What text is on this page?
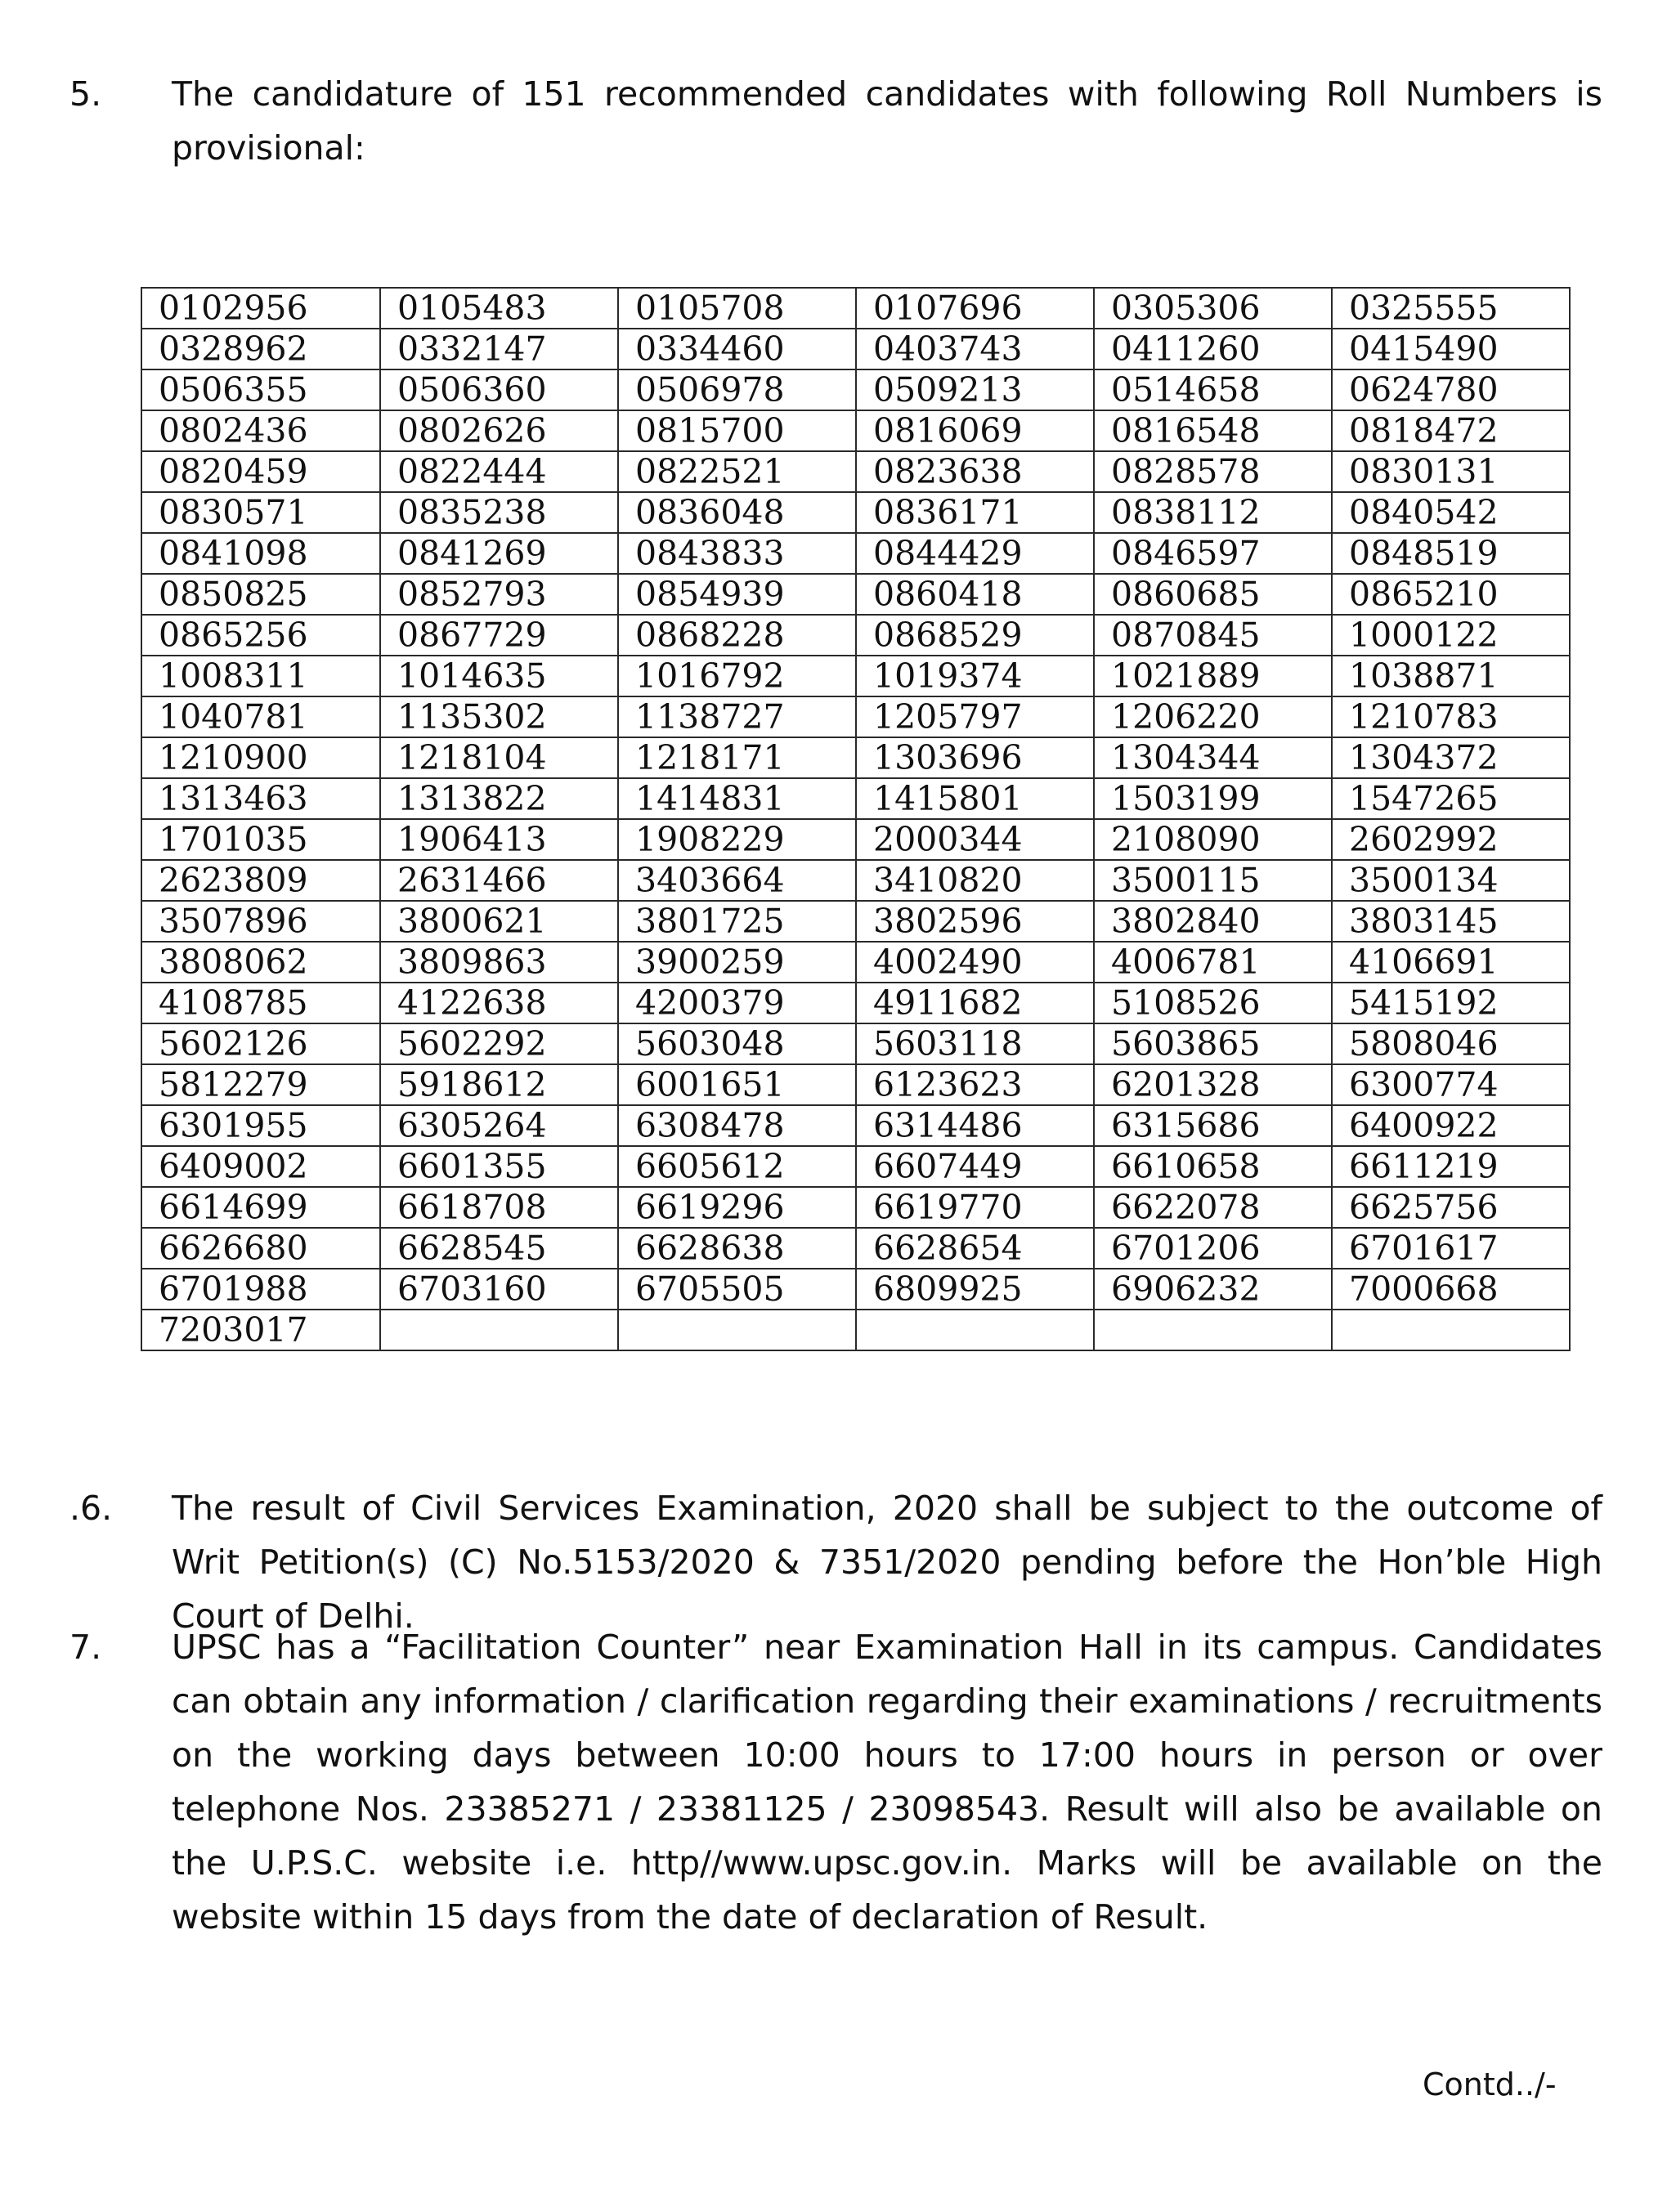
5. The candidature of 151 recommended candidates with following Roll Numbers is provisional:

0102956	0105483	0105708	0107696	0305306	0325555
0328962	0332147	0334460	0403743	0411260	0415490
0506355	0506360	0506978	0509213	0514658	0624780
0802436	0802626	0815700	0816069	0816548	0818472
0820459	0822444	0822521	0823638	0828578	0830131
0830571	0835238	0836048	0836171	0838112	0840542
0841098	0841269	0843833	0844429	0846597	0848519
0850825	0852793	0854939	0860418	0860685	0865210
0865256	0867729	0868228	0868529	0870845	1000122
1008311	1014635	1016792	1019374	1021889	1038871
1040781	1135302	1138727	1205797	1206220	1210783
1210900	1218104	1218171	1303696	1304344	1304372
1313463	1313822	1414831	1415801	1503199	1547265
1701035	1906413	1908229	2000344	2108090	2602992
2623809	2631466	3403664	3410820	3500115	3500134
3507896	3800621	3801725	3802596	3802840	3803145
3808062	3809863	3900259	4002490	4006781	4106691
4108785	4122638	4200379	4911682	5108526	5415192
5602126	5602292	5603048	5603118	5603865	5808046
5812279	5918612	6001651	6123623	6201328	6300774
6301955	6305264	6308478	6314486	6315686	6400922
6409002	6601355	6605612	6607449	6610658	6611219
6614699	6618708	6619296	6619770	6622078	6625756
6626680	6628545	6628638	6628654	6701206	6701617
6701988	6703160	6705505	6809925	6906232	7000668
7203017					
.6. The result of Civil Services Examination, 2020 shall be subject to the outcome of Writ Petition(s) (C) No.5153/2020 & 7351/2020 pending before the Hon’ble High Court of Delhi.

7. UPSC has a “Facilitation Counter” near Examination Hall in its campus. Candidates can obtain any information / clarification regarding their examinations / recruitments on the working days between 10:00 hours to 17:00 hours in person or over telephone Nos. 23385271 / 23381125 / 23098543. Result will also be available on the U.P.S.C. website i.e. http//www.upsc.gov.in. Marks will be available on the website within 15 days from the date of declaration of Result.

Contd../-
